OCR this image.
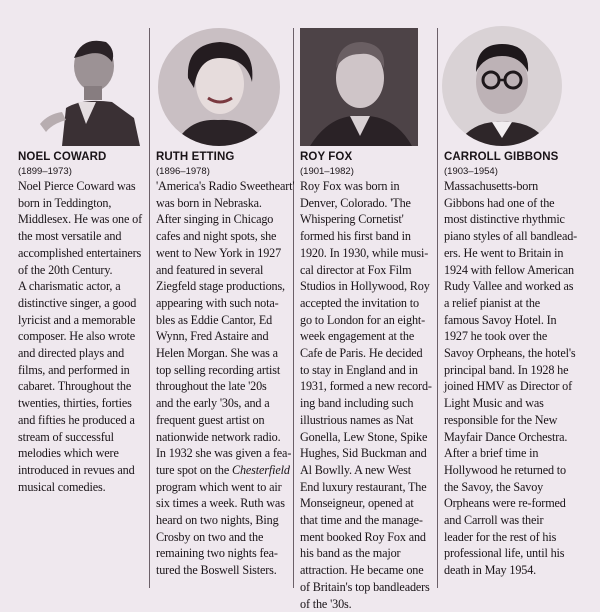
NOEL COWARD
(1899–1973)
Noel Pierce Coward was
born in Teddington,
Middlesex. He was one of
the most versatile and
accomplished entertainers
of the 20th Century.
A charismatic actor, a
distinctive singer, a good
lyricist and a memorable
composer. He also wrote
and directed plays and
films, and performed in
cabaret. Throughout the
twenties, thirties, forties
and fifties he produced a
stream of successful
melodies which were
introduced in revues and
musical comedies.
RUTH ETTING
(1896–1978)
'America's Radio Sweetheart'
was born in Nebraska.
After singing in Chicago
cafes and night spots, she
went to New York in 1927
and featured in several
Ziegfeld stage productions,
appearing with such nota-
bles as Eddie Cantor, Ed
Wynn, Fred Astaire and
Helen Morgan. She was a
top selling recording artist
throughout the late '20s
and the early '30s, and a
frequent guest artist on
nationwide network radio.
In 1932 she was given a fea-
ture spot on the Chesterfield
program which went to air
six times a week. Ruth was
heard on two nights, Bing
Crosby on two and the
remaining two nights fea-
tured the Boswell Sisters.
ROY FOX
(1901–1982)
Roy Fox was born in
Denver, Colorado. 'The
Whispering Cornetist'
formed his first band in
1920. In 1930, while musi-
cal director at Fox Film
Studios in Hollywood, Roy
accepted the invitation to
go to London for an eight-
week engagement at the
Cafe de Paris. He decided
to stay in England and in
1931, formed a new record-
ing band including such
illustrious names as Nat
Gonella, Lew Stone, Spike
Hughes, Sid Buckman and
Al Bowlly. A new West
End luxury restaurant, The
Monseigneur, opened at
that time and the manage-
ment booked Roy Fox and
his band as the major
attraction. He became one
of Britain's top bandleaders
of the '30s.
CARROLL GIBBONS
(1903–1954)
Massachusetts-born
Gibbons had one of the
most distinctive rhythmic
piano styles of all bandlead-
ers. He went to Britain in
1924 with fellow American
Rudy Vallee and worked as
a relief pianist at the
famous Savoy Hotel. In
1927 he took over the
Savoy Orpheans, the hotel's
principal band. In 1928 he
joined HMV as Director of
Light Music and was
responsible for the New
Mayfair Dance Orchestra.
After a brief time in
Hollywood he returned to
the Savoy, the Savoy
Orpheans were re-formed
and Carroll was their
leader for the rest of his
professional life, until his
death in May 1954.
